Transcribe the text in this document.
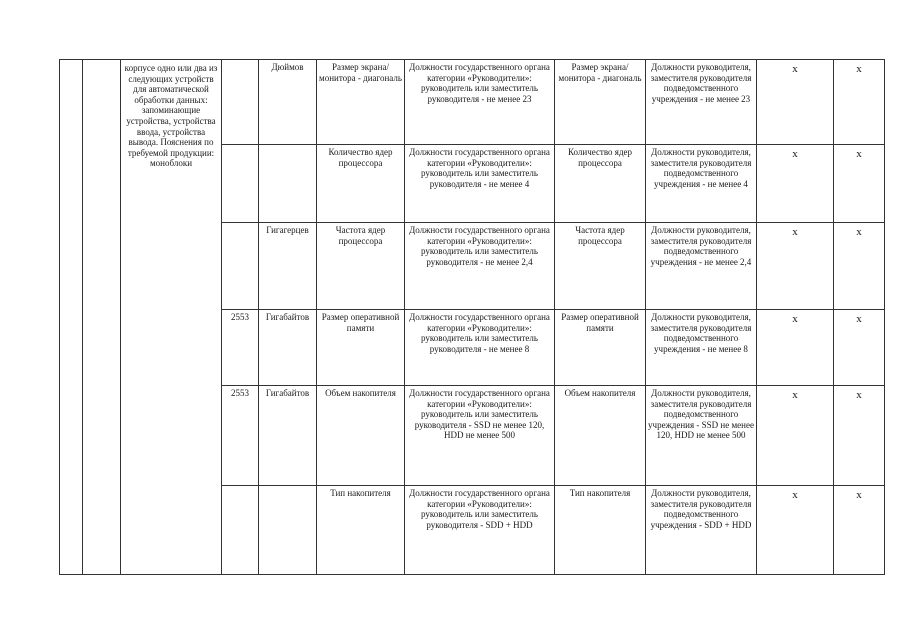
		корпусе одно или два из следующих устройств для автоматической обработки данных: запоминающие устройства, устройства ввода, устройства вывода. Пояснения по требуемой продукции: моноблоки		Дюймов	Размер экрана/монитора - диагональ	Должности государственного органа категории «Руководители»: руководитель или заместитель руководителя - не менее 23	Размер экрана/монитора - диагональ	Должности руководителя, заместителя руководителя подведомственного учреждения - не менее 23	x	x
					Количество ядер процессора	Должности государственного органа категории «Руководители»: руководитель или заместитель руководителя - не менее 4	Количество ядер процессора	Должности руководителя, заместителя руководителя подведомственного учреждения - не менее 4	x	x
				Гигагерцев	Частота ядер процессора	Должности государственного органа категории «Руководители»: руководитель или заместитель руководителя - не менее 2,4	Частота ядер процессора	Должности руководителя, заместителя руководителя подведомственного учреждения - не менее 2,4	x	x
			2553	Гигабайтов	Размер оперативной памяти	Должности государственного органа категории «Руководители»: руководитель или заместитель руководителя - не менее 8	Размер оперативной памяти	Должности руководителя, заместителя руководителя подведомственного учреждения - не менее 8	x	x
			2553	Гигабайтов	Объем накопителя	Должности государственного органа категории «Руководители»: руководитель или заместитель руководителя - SSD не менее 120, HDD не менее 500	Объем накопителя	Должности руководителя, заместителя руководителя подведомственного учреждения - SSD не менее 120, HDD не менее 500	x	x
					Тип накопителя	Должности государственного органа категории «Руководители»: руководитель или заместитель руководителя - SDD + HDD	Тип накопителя	Должности руководителя, заместителя руководителя подведомственного учреждения - SDD + HDD	x	x
